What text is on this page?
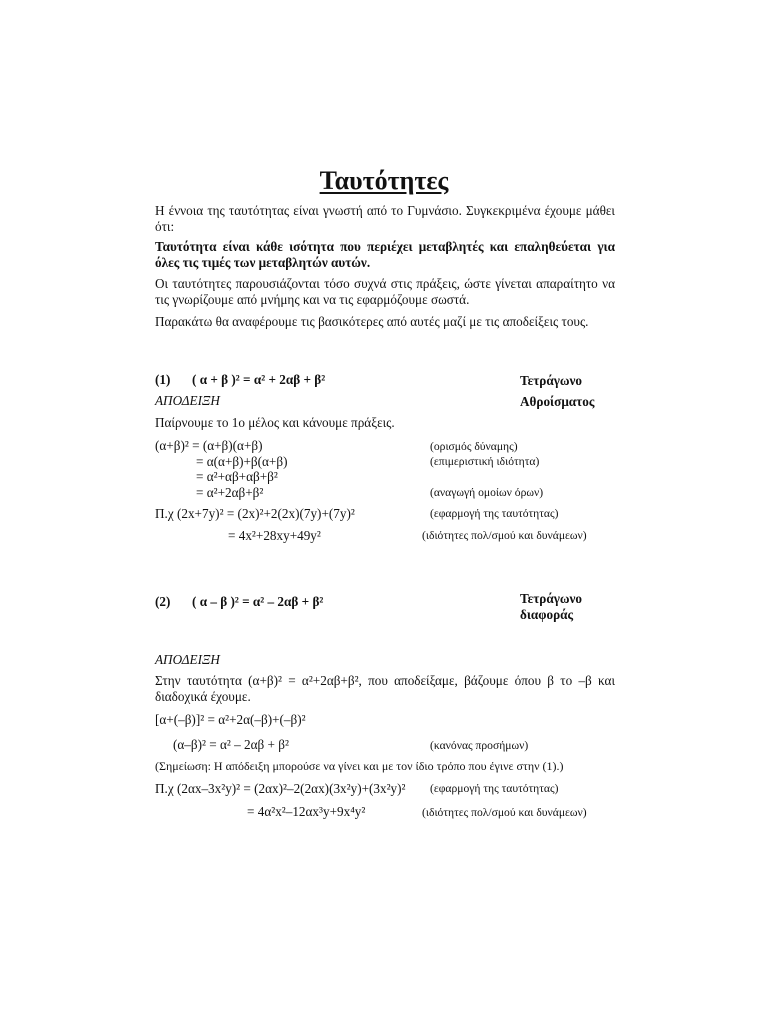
Ταυτότητες
Η έννοια της ταυτότητας είναι γνωστή από το Γυμνάσιο. Συγκεκριμένα έχουμε μάθει ότι:
Ταυτότητα είναι κάθε ισότητα που περιέχει μεταβλητές και επαληθεύεται για όλες τις τιμές των μεταβλητών αυτών.
Οι ταυτότητες παρουσιάζονται τόσο συχνά στις πράξεις, ώστε γίνεται απαραίτητο να τις γνωρίζουμε από μνήμης και να τις εφαρμόζουμε σωστά.
Παρακάτω θα αναφέρουμε τις βασικότερες από αυτές μαζί με τις αποδείξεις τους.
(1) ( α + β )² = α² + 2αβ + β²	Τετράγωνο
ΑΠΟΔΕΙΞΗ	Αθροίσματος
Παίρνουμε το 1ο μέλος και κάνουμε πράξεις.
(α+β)² = (α+β)(α+β)	(ορισμός δύναμης)
= α(α+β)+β(α+β)	(επιμεριστική ιδιότητα)
= α²+αβ+αβ+β²
= α²+2αβ+β²	(αναγωγή ομοίων όρων)
Π.χ (2x+7y)² = (2x)²+2(2x)(7y)+(7y)²	(εφαρμογή της ταυτότητας)
= 4x²+28xy+49y²	(ιδιότητες πολ/σμού και δυνάμεων)
(2) ( α – β )² = α² – 2αβ + β²	Τετράγωνο
διαφοράς
ΑΠΟΔΕΙΞΗ
Στην ταυτότητα (α+β)² = α²+2αβ+β², που αποδείξαμε, βάζουμε όπου β το –β και διαδοχικά έχουμε.
[α+(–β)]² = α²+2α(–β)+(–β)²
(α–β)² = α² – 2αβ + β²	(κανόνας προσήμων)
(Σημείωση: Η απόδειξη μπορούσε να γίνει και με τον ίδιο τρόπο που έγινε στην (1).)
Π.χ (2αx–3x²y)² = (2αx)²–2(2αx)(3x²y)+(3x²y)² (εφαρμογή της ταυτότητας)
= 4α²x²–12αx³y+9x⁴y²	(ιδιότητες πολ/σμού και δυνάμεων)
